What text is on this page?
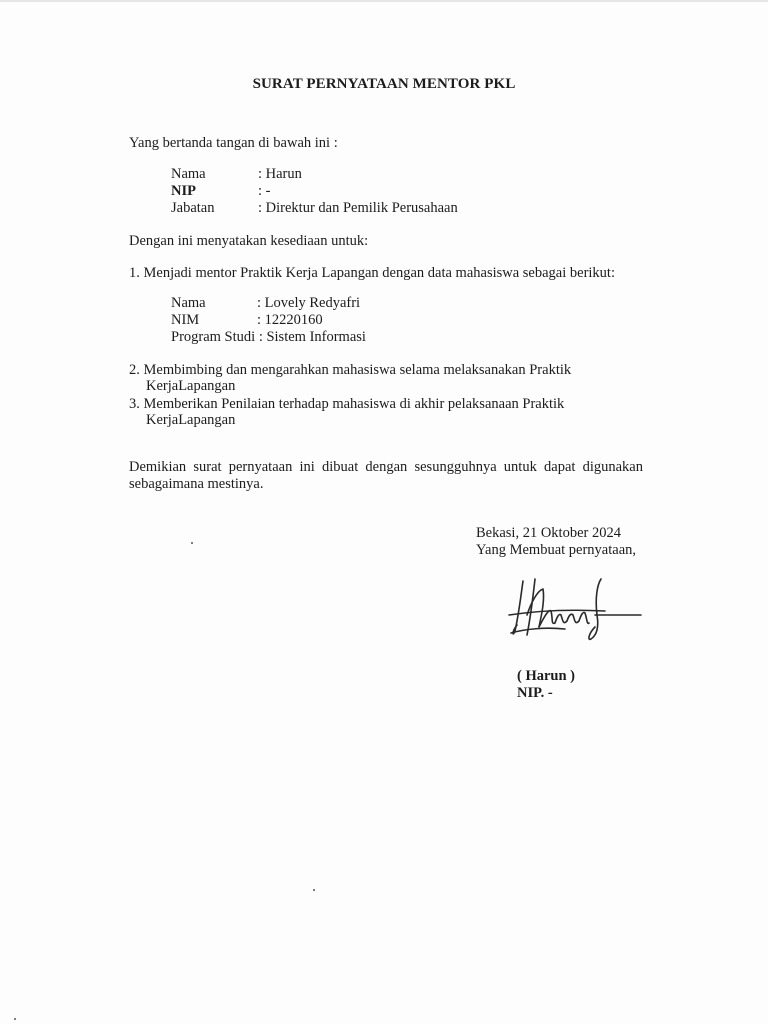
SURAT PERNYATAAN MENTOR PKL
Yang bertanda tangan di bawah ini :
Nama	: Harun
NIP	: -
Jabatan	: Direktur dan Pemilik Perusahaan
Dengan ini menyatakan kesediaan untuk:
1. Menjadi mentor Praktik Kerja Lapangan dengan data mahasiswa sebagai berikut:
Nama	: Lovely Redyafri
NIM	: 12220160
Program Studi : Sistem Informasi
2. Membimbing dan mengarahkan mahasiswa selama melaksanakan Praktik
KerjaLapangan
3. Memberikan Penilaian terhadap mahasiswa di akhir pelaksanaan Praktik
KerjaLapangan
Demikian surat pernyataan ini dibuat dengan sesungguhnya untuk dapat digunakan
sebagaimana mestinya.
Bekasi, 21 Oktober 2024
Yang Membuat pernyataan,
( Harun )
NIP. -
